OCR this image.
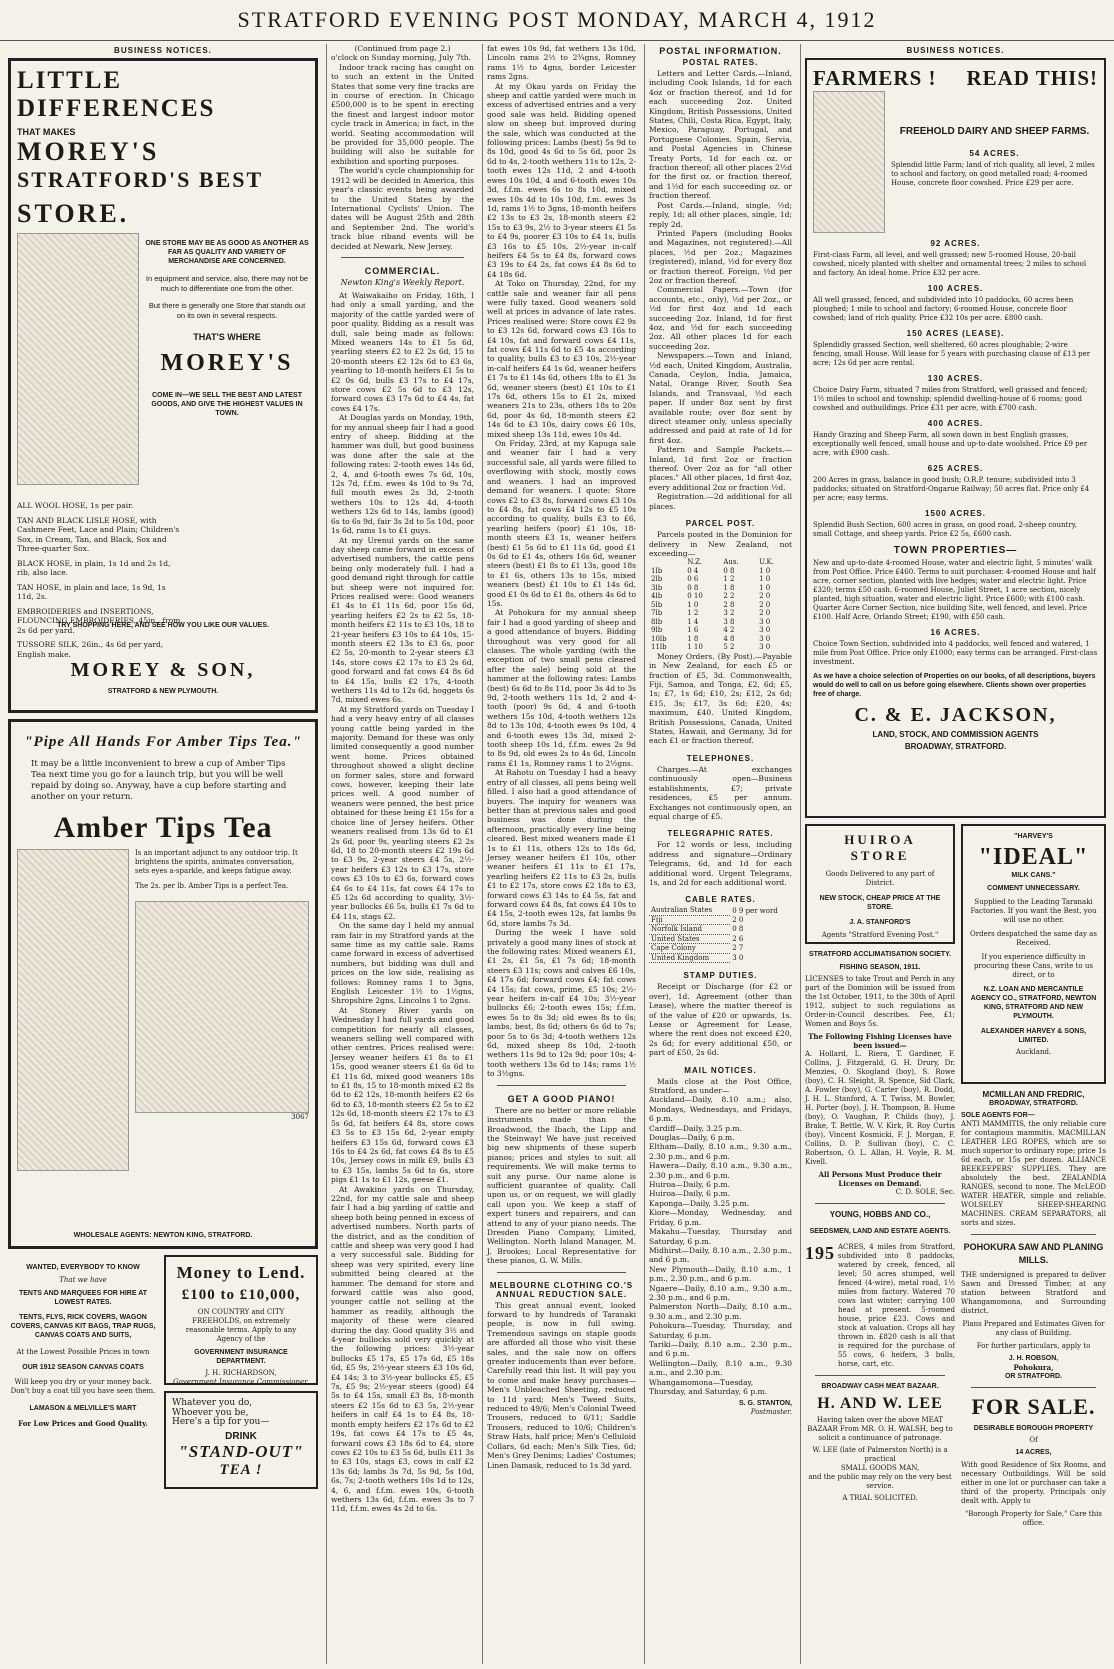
STRATFORD EVENING POST MONDAY, MARCH 4, 1912
BUSINESS NOTICES.
LITTLE DIFFERENCES
THAT MAKES
MOREY'S
STRATFORD'S BEST
STORE.
ONE STORE MAY BE AS GOOD AS ANOTHER AS FAR AS QUALITY AND VARIETY OF MERCHANDISE ARE CONCERNED.
In equipment and service, also, there may not be much to differentiate one from the other.
But there is generally one Store that stands out on its own in several respects.
THAT'S WHERE
MOREY'S
COME IN—WE SELL THE BEST AND LATEST GOODS, AND GIVE THE HIGHEST VALUES IN TOWN.

ALL WOOL HOSE, 1s per pair.

TAN AND BLACK LISLE HOSE, with Cashmere Feet, Lace and Plain; Children's Sox, in Cream, Tan, and Black, Sox and Three-quarter Sox.

BLACK HOSE, in plain, 1s 1d and 2s 1d, rib, also lace.

TAN HOSE, in plain and lace, 1s 9d, 1s 11d, 2s.

EMBROIDERIES and INSERTIONS, FLOUNCING EMBROIDERIES, 45in., from 2s 6d per yard.

TUSSORE SILK, 26in., 4s 6d per yard, English make.

TRY SHOPPING HERE, AND SEE HOW YOU LIKE OUR VALUES.
MOREY & SON,
STRATFORD & NEW PLYMOUTH.
"Pipe All Hands For Amber Tips Tea."
It may be a little inconvenient to brew a cup of Amber Tips Tea next time you go for a launch trip, but you will be well repaid by doing so. Anyway, have a cup before starting and another on your return.
Amber Tips Tea
Is an important adjunct to any outdoor trip. It brightens the spirits, animates conversation, sets eyes a-sparkle, and keeps fatigue away.
The 2s. per lb. Amber Tips is a perfect Tea.
3067
WHOLESALE AGENTS: NEWTON KING, STRATFORD.
WANTED, EVERYBODY TO KNOW
That we have
TENTS AND MARQUEES FOR HIRE AT LOWEST RATES.
TENTS, FLYS, RICK COVERS, WAGON COVERS, CANVAS KIT BAGS, TRAP RUGS, CANVAS COATS AND SUITS,
At the Lowest Possible Prices in town
OUR 1912 SEASON CANVAS COATS
Will keep you dry or your money back. Don't buy a coat till you have seen them.
LAMASON & MELVILLE'S MART
For Low Prices and Good Quality.
Money to Lend.
£100 to £10,000,
ON COUNTRY and CITY FREEHOLDS, on extremely reasonable terms. Apply to any Agency of the
GOVERNMENT INSURANCE DEPARTMENT.
J. H. RICHARDSON,
Government Insurance Commissioner.
Whatever you do,
Whoever you be,
Here's a tip for you—
DRINK
"STAND-OUT"
TEA !
(Continued from page 2.)
o'clock on Sunday morning, July 7th.
Indoor track racing has caught on to such an extent in the United States that some very fine tracks are in course of erection. In Chicago £500,000 is to be spent in erecting the finest and largest indoor motor cycle track in America; in fact, in the world. Seating accommodation will be provided for 35,000 people. The building will also be suitable for exhibition and sporting purposes.
The world's cycle championship for 1912 will be decided in America, this year's classic events being awarded to the United States by the International Cyclists' Union. The dates will be August 25th and 28th and September 2nd. The world's track blue riband events will be decided at Newark, New Jersey.
COMMERCIAL.
Newton King's Weekly Report.
At Waiwakaiho on Friday, 16th, I had only a small yarding, and the majority of the cattle yarded were of poor quality. Bidding as a result was dull, sale being made as follows: Mixed weaners 14s to £1 5s 6d, yearling steers £2 to £2 2s 6d, 15 to 20-month steers £2 12s 6d to £3 6s, yearling to 18-month heifers £1 5s to £2 0s 6d, bulls £3 17s to £4 17s, store cows £2 5s 6d to £3 12s, forward cows £3 17s 6d to £4 4s, fat cows £4 17s.
At Douglas yards on Monday, 19th, for my annual sheep fair I had a good entry of sheep. Bidding at the hammer was dull, but good business was done after the sale at the following rates: 2-tooth ewes 14s 6d, 2, 4, and 6-tooth ewes 7s 6d, 10s, 12s 7d, f.f.m. ewes 4s 10d to 9s 7d, full mouth ewes 2s 3d, 2-tooth wethers 10s to 12s 4d, 4-tooth wethers 12s 6d to 14s, lambs (good) 6s to 6s 9d, fair 3s 2d to 5s 10d, poor 1s 6d, rams 1s to £1 guys.
At my Urenui yards on the same day sheep came forward in excess of advertised numbers, the cattle pens being only moderately full. I had a good demand right through for cattle but sheep were not inquired for. Prices realised were: Good weaners £1 4s to £1 11s 6d, poor 15s 6d, yearling heifers £2 2s to £2 5s, 18-month heifers £2 11s to £3 10s, 18 to 21-year heifers £3 10s to £4 10s, 15-month steers £2 13s to £3 6s, poor £2 5s, 20-month to 2-year steers £3 14s, store cows £2 17s to £3 2s 6d, good forward and fat cows £4 8s 6d to £4 15s, bulls £2 17s, 4-tooth wethers 11s 4d to 12s 6d, hoggets 6s 7d, mixed ewes 6s.
At my Stratford yards on Tuesday I had a very heavy entry of all classes young cattle being yarded in the majority. Demand for these was only limited consequently a good number went home. Prices obtained throughout showed a slight decline on former sales, store and forward cows, however, keeping their late prices well. A good number of weaners were penned, the best price obtained for these being £1 15s for a choice line of Jersey heifers. Other weaners realised from 13s 6d to £1 2s 6d, poor 9s, yearling steers £2 2s 6d, 18 to 20-month steers £2 19s 6d to £3 9s, 2-year steers £4 5s, 2½-year heifers £3 12s to £3 17s, store cows £3 10s to £3 6s, forward cows £4 6s to £4 11s, fat cows £4 17s to £5 12s 6d according to quality, 3½-year bullocks £6 5s, bulls £1 7s 6d to £4 11s, stags £2.
On the same day I held my annual ram fair in my Stratford yards at the same time as my cattle sale. Rams came forward in excess of advertised numbers, but bidding was dull and prices on the low side, realising as follows: Romney rams 1 to 3gns, English Leicester 1½ to 1½gns, Shropshire 2gns, Lincolns 1 to 2gns.
At Stoney River yards on Wednesday I had full yards and good competition for nearly all classes, weaners selling well compared with other centres. Prices realised were: Jersey weaner heifers £1 8s to £1 15s, good weaner steers £1 6s 6d to £1 11s 6d, mixed good weaners 18s to £1 8s, 15 to 18-month mixed £2 8s 6d to £2 12s, 18-month heifers £2 6s 6d to £3, 18-month steers £2 5s to £2 12s 6d, 18-month steers £2 17s to £3 5s 6d, fat heifers £4 8s, store cows £3 5s to £3 15s 6d, 2-year empty heifers £3 15s 6d, forward cows £3 16s to £4 2s 6d, fat cows £4 8s to £5 10s, Jersey cows in milk £9, bulls £3 to £3 15s, lambs 5s 6d to 6s, store pigs £1 1s to £1 12s, geese £1.
At Awakino yards on Thursday, 22nd, for my cattle sale and sheep fair I had a big yarding of cattle and sheep both being penned in excess of advertised numbers. North parts of the district, and as the condition of cattle and sheep was very good I had a very successful sale. Bidding for sheep was very spirited, every line submitted being cleared at the hammer. The demand for store and forward cattle was also good, younger cattle not selling at the hammer as readily, although the majority of these were cleared during the day. Good quality 3½ and 4-year bullocks sold very quickly at the following prices: 3½-year bullocks £5 17s, £5 17s 6d, £5 18s 6d, £5 9s, 2½-year steers £3 10s 6d, £4 14s; 3 to 3½-year bullocks £5, £5 7s, £5 9s; 2½-year steers (good) £4 5s to £4 15s, small £3 8s, 18-month steers £2 15s 6d to £3 5s, 2½-year heifers in calf £4 1s to £4 8s, 18-month empty heifers £2 17s 6d to £2 19s, fat cows £4 17s to £5 4s, forward cows £3 18s 6d to £4, store cows £2 10s to £3 5s 6d, bulls £11 3s to £3 10s, stags £3, cows in calf £2 13s 6d; lambs 3s 7d, 5s 9d, 5s 10d, 6s, 7s; 2-tooth wethers 10s 1d to 12s, 4, 6, and f.f.m. ewes 10s, 6-tooth wethers 13s 6d, f.f.m. ewes 3s to 7 11d, f.f.m. ewes 4s 2d to 6s.
fat ewes 10s 9d, fat wethers 13s 10d, Lincoln rams 2½ to 2¾gns, Romney rams 1½ to 4gns, border Leicester rams 2gns.
At my Okau yards on Friday the sheep and cattle yarded were much in excess of advertised entries and a very good sale was held. Bidding opened slow on sheep but improved during the sale, which was conducted at the following prices: Lambs (best) 5s 9d to 8s 10d, good 4s 6d to 5s 6d, poor 2s 6d to 4s, 2-tooth wethers 11s to 12s, 2-tooth ewes 12s 11d, 2 and 4-tooth ewes 10s 10d, 4 and 6-tooth ewes 10s 3d, f.f.m. ewes 6s to 8s 10d, mixed ewes 10s 4d to 10s 10d, f.m. ewes 3s 1d, rams 1½ to 3gns, 18-month heifers £2 13s to £3 2s, 18-month steers £2 15s to £3 9s, 2½ to 3-year steers £1 5s to £4 9s, poorer £3 10s to £4 1s, bulls £3 16s to £5 10s, 2½-year in-calf heifers £4 5s to £4 8s, forward cows £3 19s to £4 2s, fat cows £4 8s 6d to £4 18s 6d.
At Toko on Thursday, 22nd, for my cattle sale and weaner fair all pens were fully taxed. Good weaners sold well at prices in advance of late rates. Prices realised were: Store cows £2 9s to £3 12s 6d, forward cows £3 16s to £4 10s, fat and forward cows £4 11s, fat cows £4 11s 6d to £5 4s according to quality, bulls £3 to £3 10s, 2½-year in-calf heifers £4 1s 6d, weaner heifers £1 7s to £1 14s 6d, others 18s to £1 3s 6d, weaner steers (best) £1 10s to £1 17s 6d, others 15s to £1 2s, mixed weaners 21s to 23s, others 18s to 20s 6d, poor 4s 6d, 18-month steers £2 14s 6d to £3 10s, dairy cows £6 10s, mixed sheep 13s 11d, ewes 10s 4d.
On Friday, 23rd, at my Kapuga sale and weaner fair I had a very successful sale, all yards were filled to overflowing with stock, mostly cows and weaners. I had an improved demand for weaners. I quote: Store cows £2 to £3 8s, forward cows £3 10s to £4 8s, fat cows £4 12s to £5 10s according to quality, bulls £3 to £6, yearling heifers (poor) £1 10s, 18-month steers £3 1s, weaner heifers (best) £1 5s 6d to £1 11s 6d, good £1 0s 6d to £1 4s, others 16s 6d, weaner steers (best) £1 8s to £1 13s, good 18s to £1 6s, others 13s to 15s, mixed weaners (best) £1 10s to £1 14s 6d, good £1 0s 6d to £1 8s, others 4s 6d to 15s.
At Pohokura for my annual sheep fair I had a good yarding of sheep and a good attendance of buyers. Bidding throughout was very good for all classes. The whole yarding (with the exception of two small pens cleared after the sale) being sold at the hammer at the following rates: Lambs (best) 6s 6d to 8s 11d, poor 3s 4d to 3s 9d, 2-tooth wethers 11s 1d, 2 and 4-tooth (poor) 9s 6d, 4 and 6-tooth wethers 15s 10d, 4-tooth wethers 12s 8d to 13s 10d, 4-tooth ewes 9s 10d, 4 and 6-tooth ewes 13s 3d, mixed 2-tooth sheep 10s 1d, f.f.m. ewes 2s 9d to 8s 9d, old ewes 2s to 4s 6d, Lincoln rams £1 1s, Romney rams 1 to 2½gns.
At Rahotu on Tuesday I had a heavy entry of all classes, all pens being well filled. I also had a good attendance of buyers. The inquiry for weaners was better than at previous sales and good business was done during the afternoon, practically every line being cleared. Best mixed weaners made £1 1s to £1 11s, others 12s to 18s 6d, Jersey weaner heifers £1 10s, other weaner heifers £1 11s to £1 17s, yearling heifers £2 11s to £3 2s, bulls £1 to £2 17s, store cows £2 18s to £3, forward cows £3 14s to £4 5s, fat and forward cows £4 8s, fat cows £4 10s to £4 15s, 2-tooth ewes 12s, fat lambs 9s 6d, store lambs 7s 3d.
During the week I have sold privately a good many lines of stock at the following rates: Mixed weaners £1, £1 2s, £1 5s, £1 7s 6d; 18-month steers £3 11s; cows and calves £6 10s, £4 17s 6d; forward cows £4; fat cows £4 15s; fat cows, prime, £5 10s; 2½-year heifers in-calf £4 10s; 3½-year bullocks £6; 2-tooth ewes 15s; f.f.m. ewes 5s to 8s 3d; old ewes 8s to 6s; lambs, best, 8s 6d; others 6s 6d to 7s; poor 5s to 6s 3d; 4-tooth wethers 12s 6d, mixed sheep 8s 10d, 2-tooth wethers 11s 9d to 12s 9d; poor 10s; 4-tooth wethers 13s 6d to 14s; rams 1½ to 3½gns.
GET A GOOD PIANO!
There are no better or more reliable instruments made than the Broadwood, the Ibach, the Lipp and the Steinway! We have just received big new shipments of these superb pianos; prices and styles to suit all requirements. We will make terms to suit any purse. Our name alone is sufficient guarantee of quality. Call upon us, or on request, we will gladly call upon you. We keep a staff of expert tuners and repairers, and can attend to any of your piano needs. The Dresden Piano Company, Limited, Wellington. North Island Manager, M. J. Brookes; Local Representative for these pianos, G. W. Mills.
MELBOURNE CLOTHING CO.'S ANNUAL REDUCTION SALE.
This great annual event, looked forward to by hundreds of Taranaki people, is now in full swing. Tremendous savings on staple goods are afforded all those who visit these sales, and the sale now on offers greater inducements than ever before. Carefully read this list. It will pay you to come and make heavy purchases—Men's Unbleached Sheeting, reduced to 11d yard; Men's Tweed Suits, reduced to 49/6; Men's Colonial Tweed Trousers, reduced to 6/11; Saddle Trousers, reduced to 10/6; Children's Straw Hats, half price; Men's Celluloid Collars, 6d each; Men's Silk Ties, 6d; Men's Grey Denims; Ladies' Costumes; Linen Damask, reduced to 1s 3d yard.
POSTAL INFORMATION.
POSTAL RATES.
Letters and Letter Cards.—Inland, including Cook Islands, 1d for each 4oz or fraction thereof, and 1d for each succeeding 2oz. United Kingdom, British Possessions, United States, Chili, Costa Rica, Egypt, Italy, Mexico, Paraguay, Portugal, and Portuguese Colonies, Spain, Servia, and Postal Agencies in Chinese Treaty Ports, 1d for each oz. or fraction thereof; all other places 2½d for the first oz. or fraction thereof, and 1½d for each succeeding oz. or fraction thereof.
Post Cards.—Inland, single, ½d; reply, 1d; all other places, single, 1d; reply 2d.
Printed Papers (including Books and Magazines, not registered).—All places, ½d per 2oz.; Magazines (registered), inland, ½d for every 8oz or fraction thereof. Foreign, ½d per 2oz or fraction thereof.
Commercial Papers.—Town (for accounts, etc., only), ½d per 2oz., or ½d for first 4oz and 1d each succeeding 2oz. Inland, 1d for first 4oz, and ½d for each succeeding 2oz. All other places 1d for each succeeding 2oz.
Newspapers.—Town and Inland, ½d each, United Kingdom, Australia, Canada, Ceylon, India, Jamaica, Natal, Orange River, South Sea Islands, and Transvaal, ½d each paper. If under 8oz sent by first available route; over 8oz sent by direct steamer only, unless specially addressed and paid at rate of 1d for first 4oz.
Pattern and Sample Packets.—Inland, 1d first 2oz or fraction thereof. Over 2oz as for "all other places." All other places, 1d first 4oz, every additional 2oz or fraction ½d.
Registration.—2d additional for all places.
PARCEL POST.
Parcels posted in the Dominion for delivery in New Zealand, not exceeding—
	N.Z.	Aus.	U.K.
1lb	0 4	0 8	1 0
2lb	0 6	1 2	1 0
3lb	0 8	1 8	1 0
4lb	0 10	2 2	2 0
5lb	1 0	2 8	2 0
7lb	1 2	3 2	2 0
8lb	1 4	3 8	3 0
9lb	1 6	4 2	3 0
10lb	1 8	4 8	3 0
11lb	1 10	5 2	3 0
Money Orders. (By Post).—Payable in New Zealand, for each £5 or fraction of £5, 3d. Commonwealth, Fiji, Samoa, and Tonga, £2, 6d; £5, 1s; £7, 1s 6d; £10, 2s; £12, 2s 6d; £15, 3s; £17, 3s 6d; £20, 4s; maximum, £40. United Kingdom, British Possessions, Canada, United States, Hawaii, and Germany, 3d for each £1 or fraction thereof.
TELEPHONES.
Charges.—At exchanges continuously open—Business establishments, £7; private residences, £5 per annum. Exchanges not continuously open, an equal charge of £5.
TELEGRAPHIC RATES.
For 12 words or less, including address and signature—Ordinary Telegrams, 6d, and 1d for each additional word. Urgent Telegrams, 1s, and 2d for each additional word.
CABLE RATES.
Australian States	0 9 per word
Fiji	2 0
Norfolk Island	0 8
United States	2 6
Cape Colony	2 7
United Kingdom	3 0
STAMP DUTIES.
Receipt or Discharge (for £2 or over), 1d. Agreement (other than Lease), where the matter thereof is of the value of £20 or upwards, 1s. Lease or Agreement for Lease, where the rent does not exceed £20, 2s 6d; for every additional £50, or part of £50, 2s 6d.
MAIL NOTICES.
Mails close at the Post Office, Stratford, as under—
Auckland—Daily, 8.10 a.m.; also, Mondays, Wednesdays, and Fridays, 6 p.m.
Cardiff—Daily, 3.25 p.m.
Douglas—Daily, 6 p.m.
Eltham—Daily, 8.10 a.m., 9.30 a.m., 2.30 p.m., and 6 p.m.
Hawera—Daily, 8.10 a.m., 9.30 a.m., 2.30 p.m., and 6 p.m.
Huiroa—Daily, 6 p.m.
Huiroa—Daily, 6 p.m.
Kaponga—Daily, 3.25 p.m.
Kiore—Monday, Wednesday, and Friday, 6 p.m.
Makahu—Tuesday, Thursday and Saturday, 6 p.m.
Midhirst—Daily, 8.10 a.m., 2.30 p.m., and 6 p.m.
New Plymouth—Daily, 8.10 a.m., 1 p.m., 2.30 p.m., and 6 p.m.
Ngaere—Daily, 8.10 a.m., 9.30 a.m., 2.30 p.m., and 6 p.m.
Palmerston North—Daily, 8.10 a.m., 9.30 a.m., and 2.30 p.m.
Pohokura—Tuesday, Thursday, and Saturday, 6 p.m.
Tariki—Daily, 8.10 a.m., 2.30 p.m., and 6 p.m.
Wellington—Daily, 8.10 a.m., 9.30 a.m., and 2.30 p.m.
Whangamomona—Tuesday, Thursday, and Saturday, 6 p.m.
S. G. STANTON,
Postmaster.
BUSINESS NOTICES.
FARMERS ! READ THIS!
FREEHOLD DAIRY AND SHEEP FARMS.
54 ACRES.
Splendid little Farm; land of rich quality, all level, 2 miles to school and factory, on good metalled road; 4-roomed House, concrete floor cowshed. Price £29 per acre.
92 ACRES.
First-class Farm, all level, and well grassed; new 5-roomed House, 20-bail cowshed, nicely planted with shelter and ornamental trees; 2 miles to school and factory. An ideal home. Price £32 per acre.
100 ACRES.
All well grassed, fenced, and subdivided into 10 paddocks, 60 acres been ploughed; 1 mile to school and factory; 6-roomed House, concrete floor cowshed; land of rich quality. Price £32 10s per acre. £800 cash.
150 ACRES (LEASE).
Splendidly grassed Section, well sheltered, 60 acres ploughable; 2-wire fencing, small House. Will lease for 5 years with purchasing clause of £13 per acre; 12s 6d per acre rental.
130 ACRES.
Choice Dairy Farm, situated 7 miles from Stratford, well grassed and fenced; 1½ miles to school and township; splendid dwelling-house of 6 rooms; good cowshed and outbuildings. Price £31 per acre, with £700 cash.
400 ACRES.
Handy Grazing and Sheep Farm, all sown down in best English grasses, exceptionally well fenced, small house and up-to-date woolshed. Price £9 per acre, with £900 cash.
625 ACRES.
200 Acres in grass, balance in good bush; O.R.P. tenure; subdivided into 3 paddocks; situated on Stratford-Ongarue Railway; 50 acres flat. Price only £4 per acre; easy terms.
1500 ACRES.
Splendid Bush Section, 600 acres in grass, on good road, 2-sheep country, small Cottage, and sheep yards. Price £2 5s, £600 cash.
TOWN PROPERTIES—
New and up-to-date 4-roomed House, water and electric light, 5 minutes' walk from Post Office. Price £460. Terms to suit purchaser. 4-roomed House and half acre, corner section, planted with live hedges; water and electric light. Price £320; terms £50 cash. 6-roomed House, Juliet Street, 1 acre section, nicely planted, high situation, water and electric light. Price £600; with £100 cash. Quarter Acre Corner Section, nice building Site, well fenced, and level. Price £100. Half Acre, Orlando Street; £190, with £50 cash.
16 ACRES.
Choice Town Section, subdivided into 4 paddocks, well fenced and watered, 1 mile from Post Office. Price only £1000; easy terms can be arranged. First-class investment.
As we have a choice selection of Properties on our books, of all descriptions, buyers would do well to call on us before going elsewhere. Clients shown over properties free of charge.
C. & E. JACKSON,
LAND, STOCK, AND COMMISSION AGENTS
BROADWAY, STRATFORD.
HUIROA STORE
Goods Delivered to any part of District.
NEW STOCK, CHEAP PRICE AT THE STORE.
J. A. STANFORD'S
Agents "Stratford Evening Post."
STRATFORD ACCLIMATISATION SOCIETY.
FISHING SEASON, 1911.
LICENSES to take Trout and Perch in any part of the Dominion will be issued from the 1st October, 1911, to the 30th of April 1912, subject to such regulations as Order-in-Council describes. Fee, £1; Women and Boys 5s.
The Following Fishing Licenses have been issued—
A. Hollard, L. Riera, T. Gardiner, F. Collins, J. Fitzgerald, G. H. Drury, Dr. Menzies, O. Skogland (boy), S. Rowe (boy), C. H. Sleight, R. Spence, Sid Clark, A. Fowler (boy), G. Carter (boy), R. Dodd, J. H. L. Stanford, A. T. Twiss, M. Bowler, H. Porter (boy), J. H. Thompson, B. Hume (boy), O. Vaughan, P. Childs (boy), J. Brake, T. Bettle, W. V. Kirk, R. Roy Curtis (boy), Vincent Kosmicki, F. J. Morgan, F. Collins, D. P. Sullivan (boy), C. C. Robertson, O. L. Allan, H. Voyle, R. M. Kivell.
All Persons Must Produce their Licenses on Demand.
C. D. SOLE, Sec.
YOUNG, HOBBS AND CO.,
SEEDSMEN, LAND AND ESTATE AGENTS.
195 ACRES, 4 miles from Stratford, subdivided into 8 paddocks, watered by creek, fenced, all level; 50 acres stumped, well fenced (4-wire), metal road, 1½ miles from factory. Watered 70 cows last winter; carrying 100 head at present. 5-roomed house, price £23. Cows and stock at valuation. Crops all hay thrown in. £820 cash is all that is required for the purchase of 55 cows, 6 heifers, 3 bulls, horse, cart, etc.
BROADWAY CASH MEAT BAZAAR.
H. AND W. LEE
Having taken over the above MEAT BAZAAR From MR. O. H. WALSH, beg to solicit a continuance of patronage.
W. LEE (late of Palmerston North) is a practical
SMALL GOODS MAN,
and the public may rely on the very best service.
A TRIAL SOLICITED.
"HARVEY'S
"IDEAL"
MILK CANS."
COMMENT UNNECESSARY.
Supplied to the Leading Taranaki Factories. If you want the Best, you will use no other.
Orders despatched the same day as Received.
If you experience difficulty in procuring these Cans, write to us direct, or to
N.Z. LOAN AND MERCANTILE AGENCY CO., STRATFORD, NEWTON KING, STRATFORD AND NEW PLYMOUTH.
ALEXANDER HARVEY & SONS, LIMITED.
Auckland.
MCMILLAN AND FREDRIC,
BROADWAY, STRATFORD.
SOLE AGENTS FOR—
ANTI MAMMITIS, the only reliable cure for contagious mammitis. MACMILLAN LEATHER LEG ROPES, which are so much superior to ordinary rope; price 1s 6d each, or 15s per dozen. ALLIANCE BEEKEEPERS' SUPPLIES. They are absolutely the best. ZEALANDIA RANGES, second to none. The McLEOD WATER HEATER, simple and reliable. WOLSELEY SHEEP-SHEARING MACHINES. CREAM SEPARATORS, all sorts and sizes.
POHOKURA SAW AND PLANING MILLS.
THE undersigned is prepared to deliver Sawn and Dressed Timber, at any station between Stratford and Whangamomona, and Surrounding district.
Plans Prepared and Estimates Given for any class of Building.
For further particulars, apply to
J. H. ROBSON,
Pohokura,
OR STRATFORD.
FOR SALE.
DESIRABLE BOROUGH PROPERTY
Of
14 ACRES,
With good Residence of Six Rooms, and necessary Outbuildings. Will be sold either in one lot or purchaser can take a third of the property. Principals only dealt with. Apply to
"Borough Property for Sale," Care this office.
